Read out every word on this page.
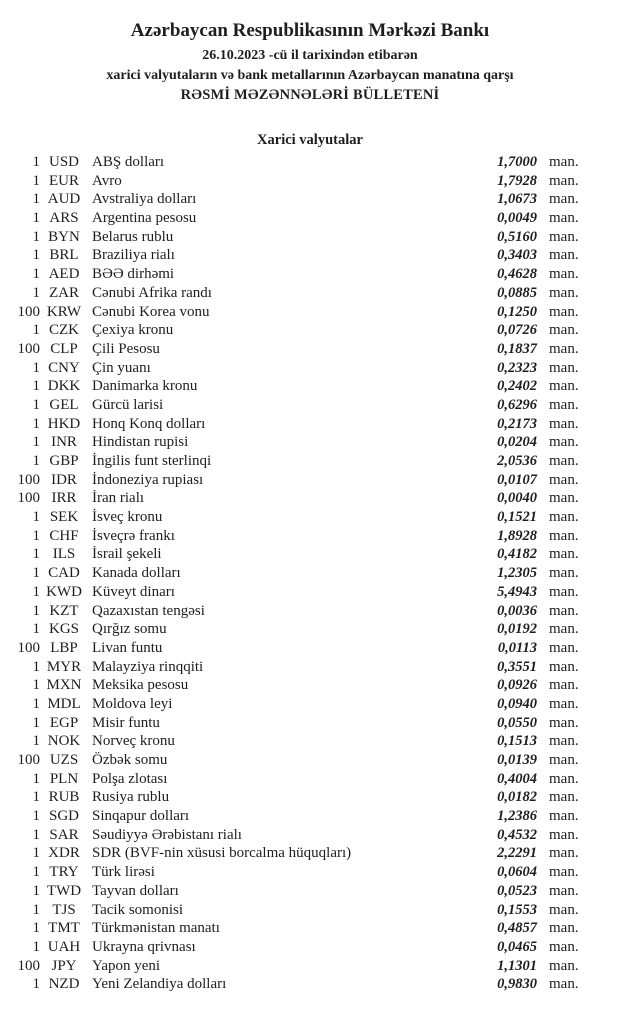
Azərbaycan Respublikasının Mərkəzi Bankı
26.10.2023 -cü il tarixindən etibarən
xarici valyutaların və bank metallarının Azərbaycan manatına qarşı
RƏSMİ MƏZƏNNƏLƏRİ BÜLLETENİ
Xarici valyutalar
1 USD ABŞ dolları	1,7000 man.
1 EUR Avro	1,7928 man.
1 AUD Avstraliya dolları	1,0673 man.
1 ARS Argentina pesosu	0,0049 man.
1 BYN Belarus rublu	0,5160 man.
1 BRL Braziliya rialı	0,3403 man.
1 AED BƏƏ dirhəmi	0,4628 man.
1 ZAR Cənubi Afrika randı	0,0885 man.
100 KRW Cənubi Korea vonu	0,1250 man.
1 CZK Çexiya kronu	0,0726 man.
100 CLP Çili Pesosu	0,1837 man.
1 CNY Çin yuanı	0,2323 man.
1 DKK Danimarka kronu	0,2402 man.
1 GEL Gürcü larisi	0,6296 man.
1 HKD Honq Konq dolları	0,2173 man.
1 INR	Hindistan rupisi	0,0204 man.
1 GBP İngilis funt sterlinqi	2,0536 man.
100 IDR	İndoneziya rupiası	0,0107 man.
100 IRR	İran rialı	0,0040 man.
1 SEK İsveç kronu	0,1521 man.
1 CHF İsveçrə frankı	1,8928 man.
1 ILS	İsrail şekeli	0,4182 man.
1 CAD Kanada dolları	1,2305 man.
1 KWD Küveyt dinarı	5,4943 man.
1 KZT Qazaxıstan tengəsi	0,0036 man.
1 KGS Qırğız somu	0,0192 man.
100 LBP Livan funtu	0,0113 man.
1 MYR Malayziya rinqqiti	0,3551 man.
1 MXN Meksika pesosu	0,0926 man.
1 MDL Moldova leyi	0,0940 man.
1 EGP Misir funtu	0,0550 man.
1 NOK Norveç kronu	0,1513 man.
100 UZS Özbək somu	0,0139 man.
1 PLN Polşa zlotası	0,4004 man.
1 RUB Rusiya rublu	0,0182 man.
1 SGD Sinqapur dolları	1,2386 man.
1 SAR Səudiyyə Ərəbistanı rialı	0,4532 man.
1 XDR SDR (BVF-nin xüsusi borcalma hüquqları)	2,2291 man.
1 TRY Türk lirəsi	0,0604 man.
1 TWD Tayvan dolları	0,0523 man.
1 TJS	Tacik somonisi	0,1553 man.
1 TMT Türkmənistan manatı	0,4857 man.
1 UAH Ukrayna qrivnası	0,0465 man.
100 JPY	Yapon yeni	1,1301 man.
1 NZD Yeni Zelandiya dolları	0,9830 man.
